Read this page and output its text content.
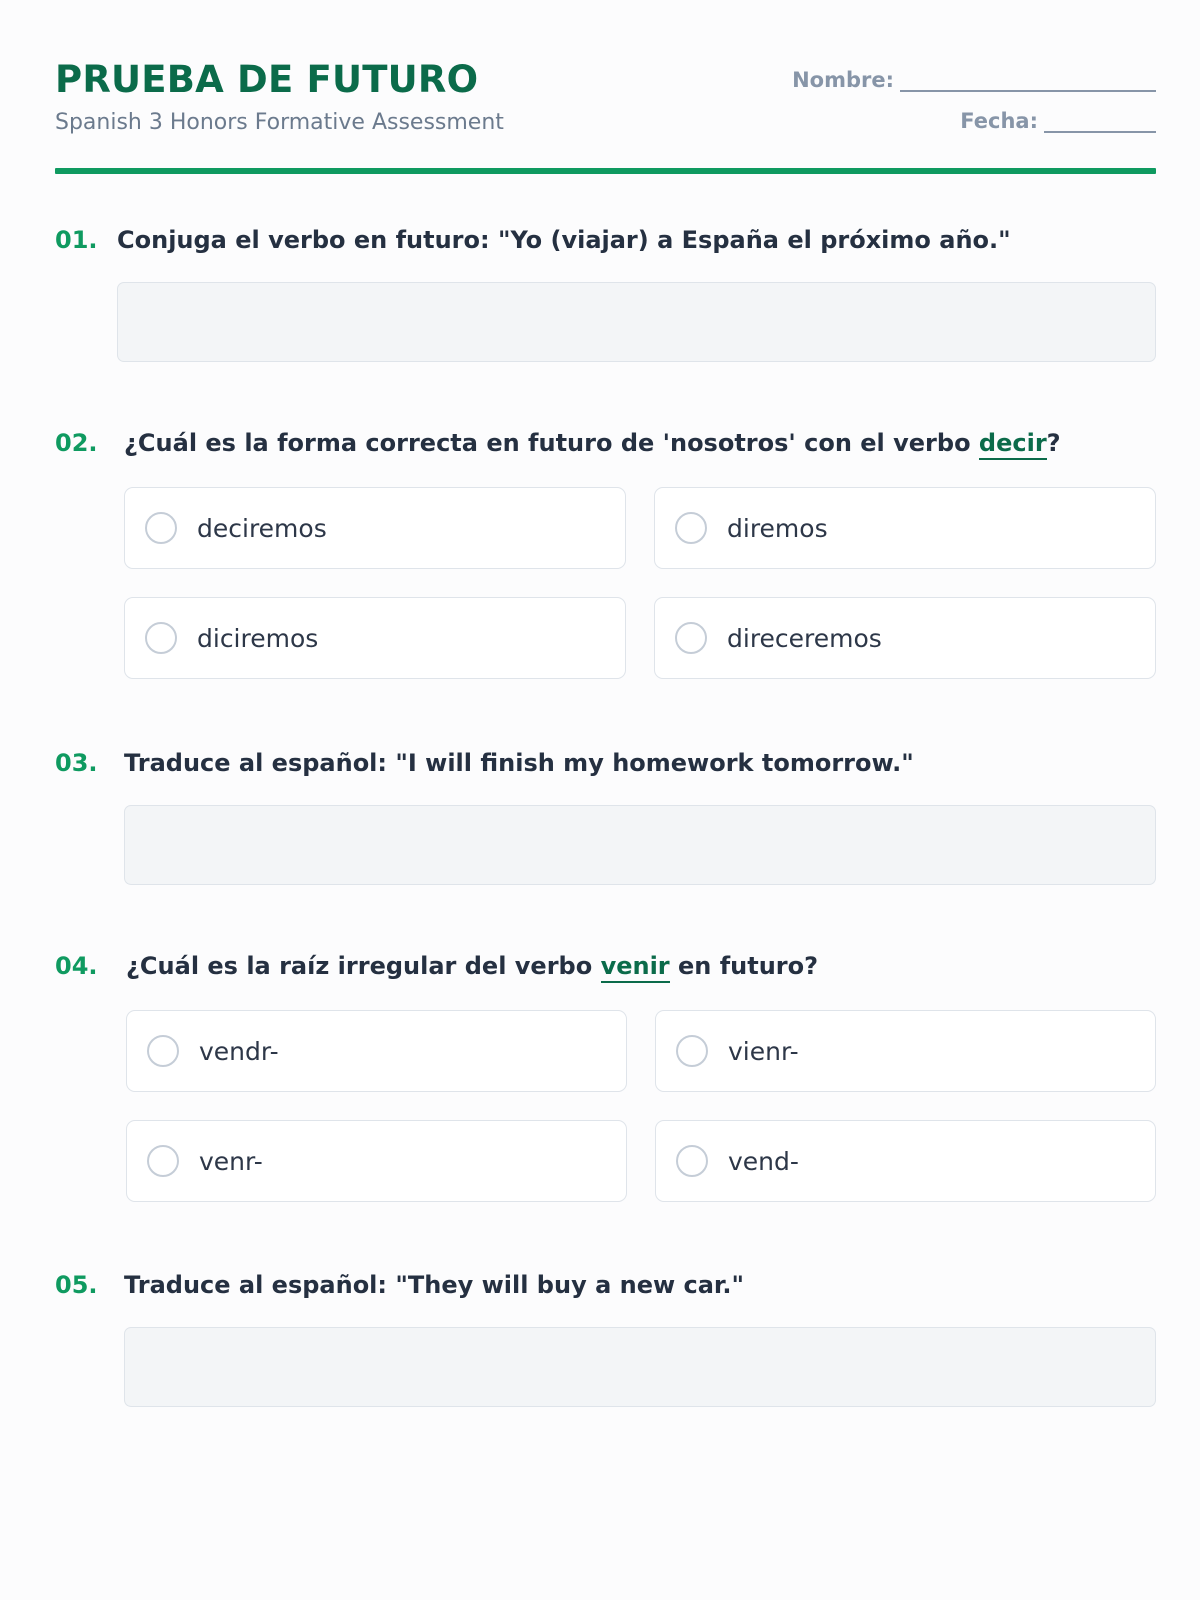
PRUEBA DE FUTURO
Spanish 3 Honors Formative Assessment
Nombre:
Fecha:
01. Conjuga el verbo en futuro: "Yo (viajar) a España el próximo año."
02.	¿Cuál es la forma correcta en futuro de 'nosotros' con el verbo decir?
deciremos	diremos
diciremos	direceremos
03.	Traduce al español: "I will finish my homework tomorrow."
04.	¿Cuál es la raíz irregular del verbo venir en futuro?
vendr-	vienr-
venr-	vend-
05.	Traduce al español: "They will buy a new car."
